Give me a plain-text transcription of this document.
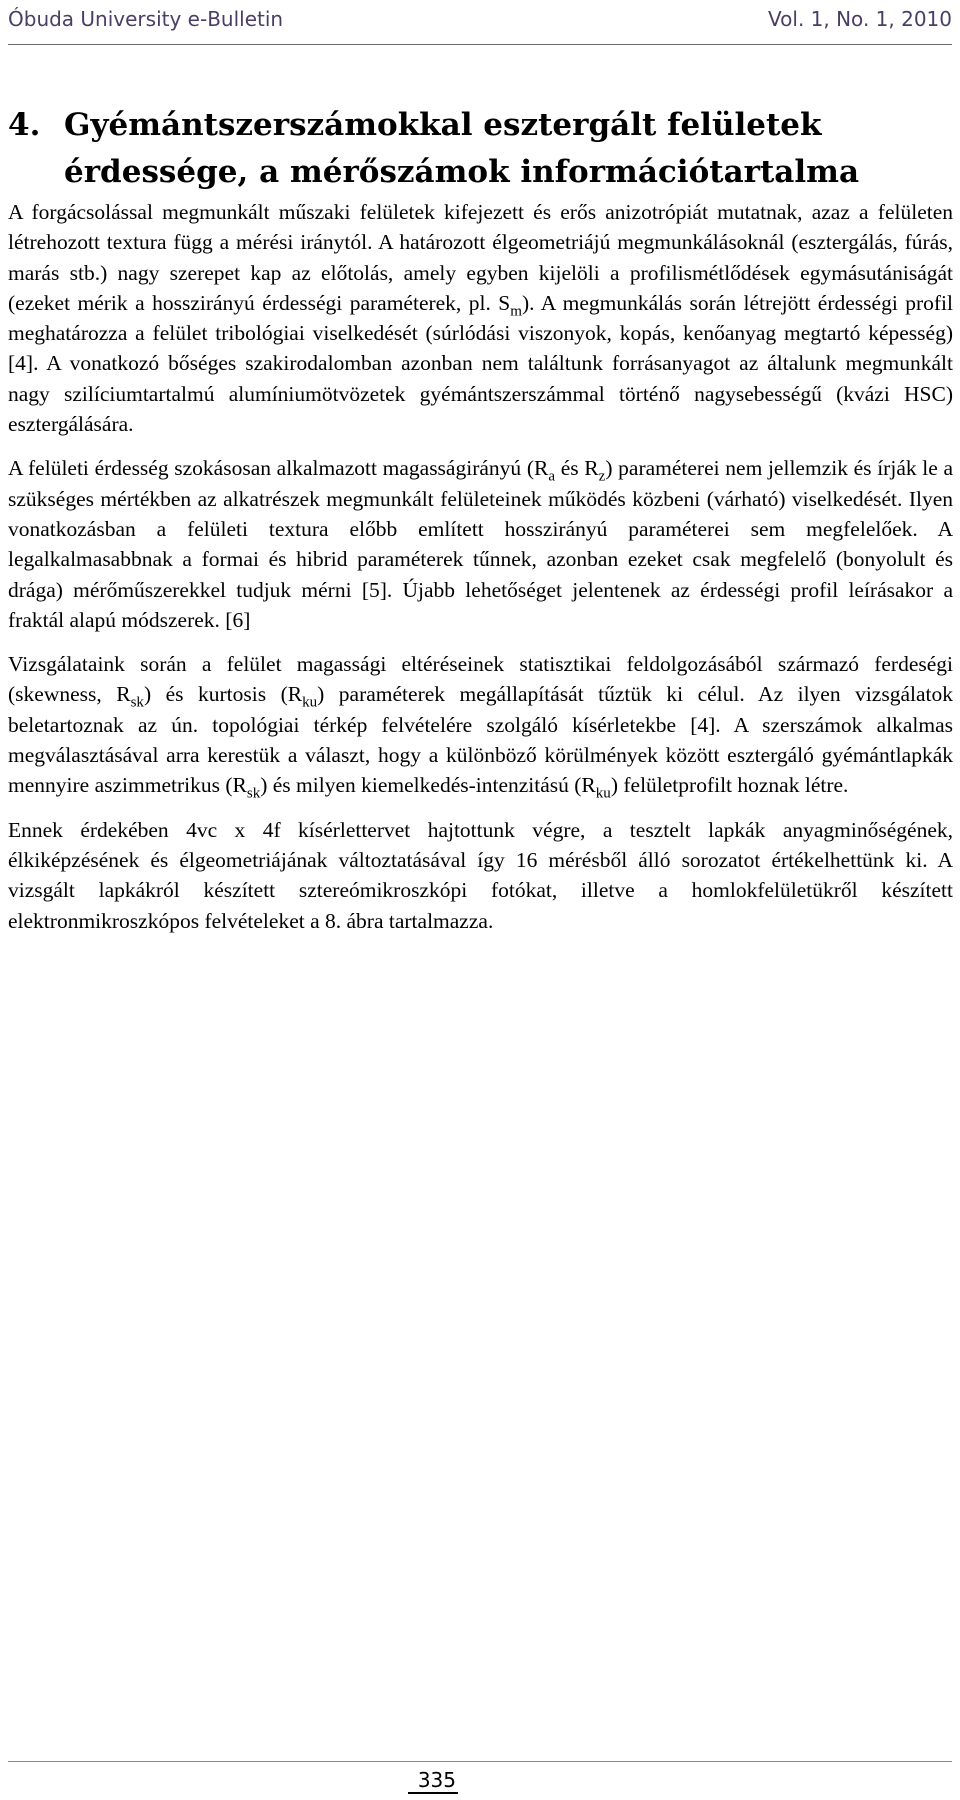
Óbuda University e‑Bulletin	Vol. 1, No. 1, 2010
4. Gyémántszerszámokkal esztergált felületek
érdessége, a mérőszámok információtartalma

A forgácsolással megmunkált műszaki felületek kifejezett és erős anizotrópiát mutatnak, azaz a felületen létrehozott textura függ a mérési iránytól. A határozott élgeometriájú megmunkálásoknál (esztergálás, fúrás, marás stb.) nagy szerepet kap az előtolás, amely egyben kijelöli a profilismétlődések egymásutániságát (ezeket mérik a hosszirányú érdességi paraméterek, pl. $S_m$). A megmunkálás során létrejött érdességi profil meghatározza a felület tribológiai viselkedését (súrlódási viszonyok, kopás, kenőanyag megtartó képesség) [4]. A vonatkozó bőséges szakirodalomban azonban nem találtunk forrásanyagot az általunk megmunkált nagy szilíciumtartalmú alumíniumötvözetek gyémántszerszámmal történő nagysebességű (kvázi HSC) esztergálására.

A felületi érdesség szokásosan alkalmazott magasságirányú ($R_a$ és $R_z$) paraméterei nem jellemzik és írják le a szükséges mértékben az alkatrészek megmunkált felületeinek működés közbeni (várható) viselkedését. Ilyen vonatkozásban a felületi textura előbb említett hosszirányú paraméterei sem megfelelőek. A legalkalmasabbnak a formai és hibrid paraméterek tűnnek, azonban ezeket csak megfelelő (bonyolult és drága) mérőműszerekkel tudjuk mérni [5]. Újabb lehetőséget jelentenek az érdességi profil leírásakor a fraktál alapú módszerek. [6]

Vizsgálataink során a felület magassági eltéréseinek statisztikai feldolgozásából származó ferdeségi (skewness, $R_{sk}$) és kurtosis $(R_{ku})$ paraméterek megállapítását tűztük ki célul. Az ilyen vizsgálatok beletartoznak az ún. topológiai térkép felvételére szolgáló kísérletekbe [4]. A szerszámok alkalmas megválasztásával arra kerestük a választ, hogy a különböző körülmények között esztergáló gyémántlapkák mennyire aszimmetrikus $(R_{sk})$ és milyen kiemelkedés-intenzitású $(R_{ku})$ felületprofilt hoznak létre.

Ennek érdekében 4vc x 4f kísérlettervet hajtottunk végre, a tesztelt lapkák anyagminőségének, élkiképzésének és élgeometriájának változtatásával így 16 mérésből álló sorozatot értékelhettünk ki. A vizsgált lapkákról készített sztereómikroszkópi fotókat, illetve a homlokfelületükről készített elektronmikroszkópos felvételeket a 8. ábra tartalmazza.

335
